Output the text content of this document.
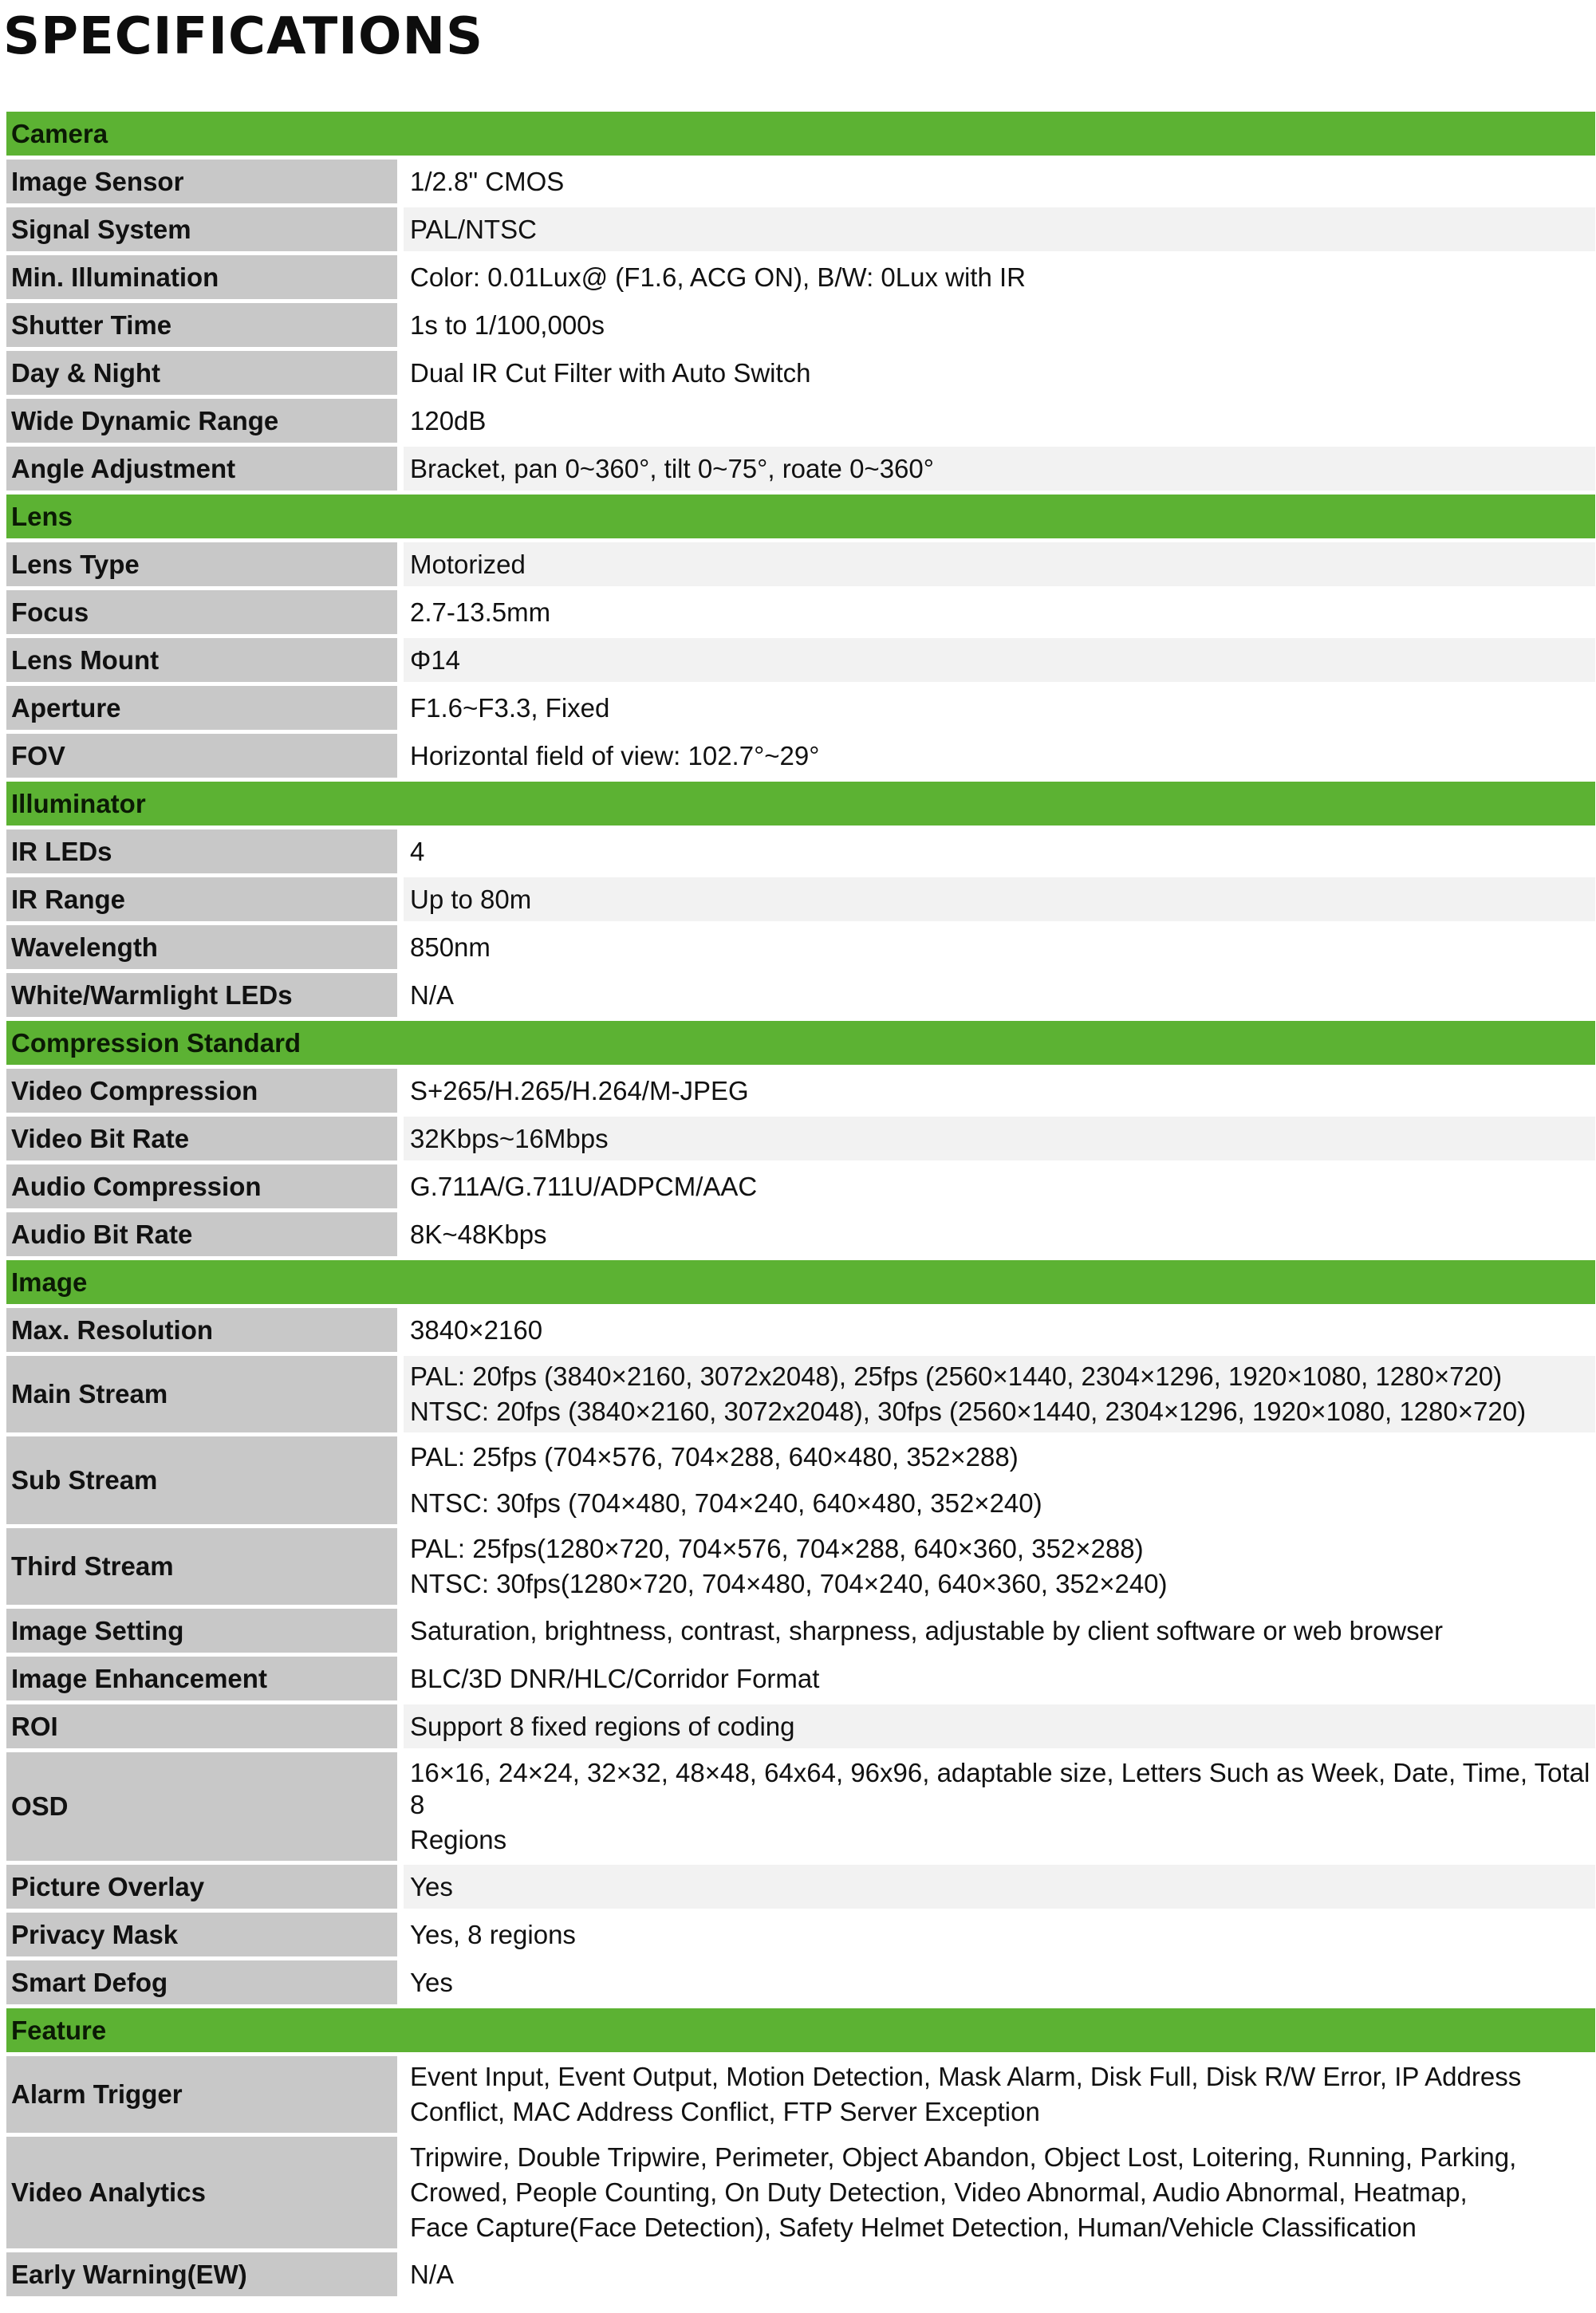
SPECIFICATIONS
Camera	
Image Sensor	1/2.8" CMOS

Signal System	PAL/NTSC

Min. Illumination	Color: 0.01Lux@ (F1.6, ACG ON), B/W: 0Lux with IR

Shutter Time	1s to 1/100,000s

Day & Night	Dual IR Cut Filter with Auto Switch

Wide Dynamic Range	120dB

Angle Adjustment	Bracket, pan 0~360°, tilt 0~75°, roate 0~360°

Lens	
Lens Type	Motorized

Focus	2.7-13.5mm

Lens Mount	Φ14

Aperture	F1.6~F3.3, Fixed

FOV	Horizontal field of view: 102.7°~29°

Illuminator	
IR LEDs	4

IR Range	Up to 80m

Wavelength	850nm

White/Warmlight LEDs	N/A

Compression Standard	
Video Compression	S+265/H.265/H.264/M-JPEG

Video Bit Rate	32Kbps~16Mbps

Audio Compression	G.711A/G.711U/ADPCM/AAC

Audio Bit Rate	8K~48Kbps

Image	
Max. Resolution	3840×2160

Main Stream	PAL: 20fps (3840×2160, 3072x2048), 25fps (2560×1440, 2304×1296, 1920×1080, 1280×720)
NTSC: 20fps (3840×2160, 3072x2048), 30fps (2560×1440, 2304×1296, 1920×1080, 1280×720)

Sub Stream	PAL: 25fps (704×576, 704×288, 640×480, 352×288)
NTSC: 30fps (704×480, 704×240, 640×480, 352×240)

Third Stream	PAL: 25fps(1280×720, 704×576, 704×288, 640×360, 352×288)
NTSC: 30fps(1280×720, 704×480, 704×240, 640×360, 352×240)

Image Setting	Saturation, brightness, contrast, sharpness, adjustable by client software or web browser

Image Enhancement	BLC/3D DNR/HLC/Corridor Format

ROI	Support 8 fixed regions of coding

OSD	16×16, 24×24, 32×32, 48×48, 64x64, 96x96, adaptable size, Letters Such as Week, Date, Time, Total 8
Regions

Picture Overlay	Yes

Privacy Mask	Yes, 8 regions

Smart Defog	Yes

Feature	
Alarm Trigger	Event Input, Event Output, Motion Detection, Mask Alarm, Disk Full, Disk R/W Error, IP Address
Conflict, MAC Address Conflict, FTP Server Exception

Video Analytics	Tripwire, Double Tripwire, Perimeter, Object Abandon, Object Lost, Loitering, Running, Parking,
Crowed, People Counting, On Duty Detection, Video Abnormal, Audio Abnormal, Heatmap,
Face Capture(Face Detection), Safety Helmet Detection, Human/Vehicle Classification

Early Warning(EW)	N/A
